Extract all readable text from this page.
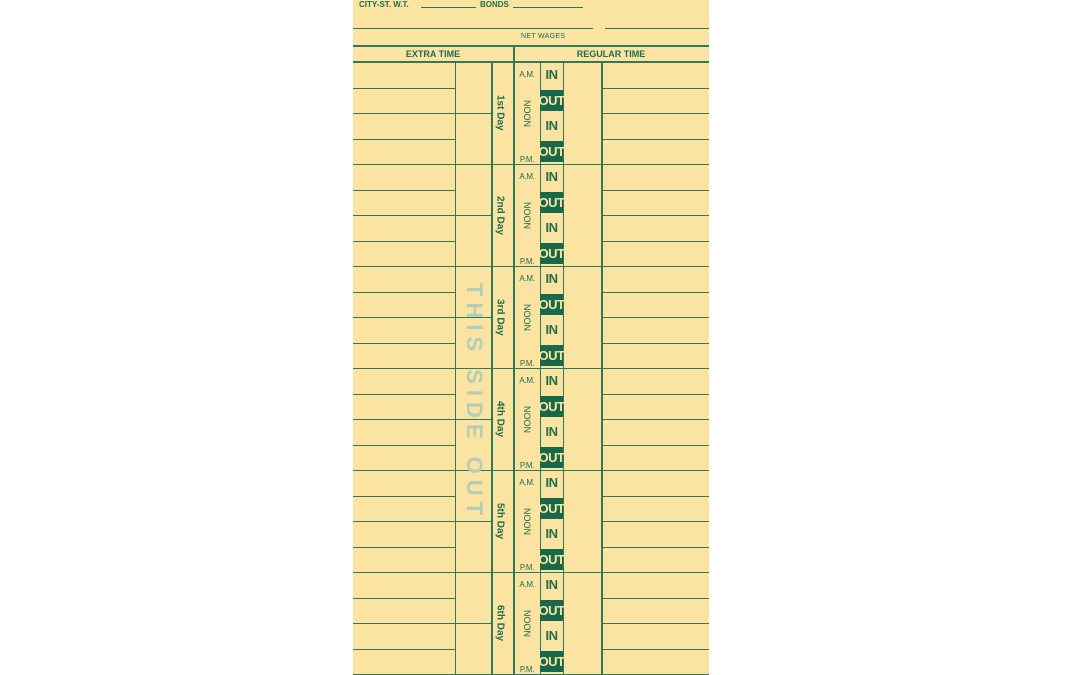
CITY-ST. W.T.	BONDS
NET WAGES
EXTRA TIME	REGULAR TIME
1st Day
A.M.
NOON
P.M.
IN
OUT
IN
OUT
2nd Day
A.M.
NOON
P.M.
IN
OUT
IN
OUT
3rd Day
A.M.
NOON
P.M.
IN
OUT
IN
OUT
4th Day
A.M.
NOON
P.M.
IN
OUT
IN
OUT
5th Day
A.M.
NOON
P.M.
IN
OUT
IN
OUT
6th Day
A.M.
NOON
P.M.
IN
OUT
IN
OUT
THIS SIDE OUT
